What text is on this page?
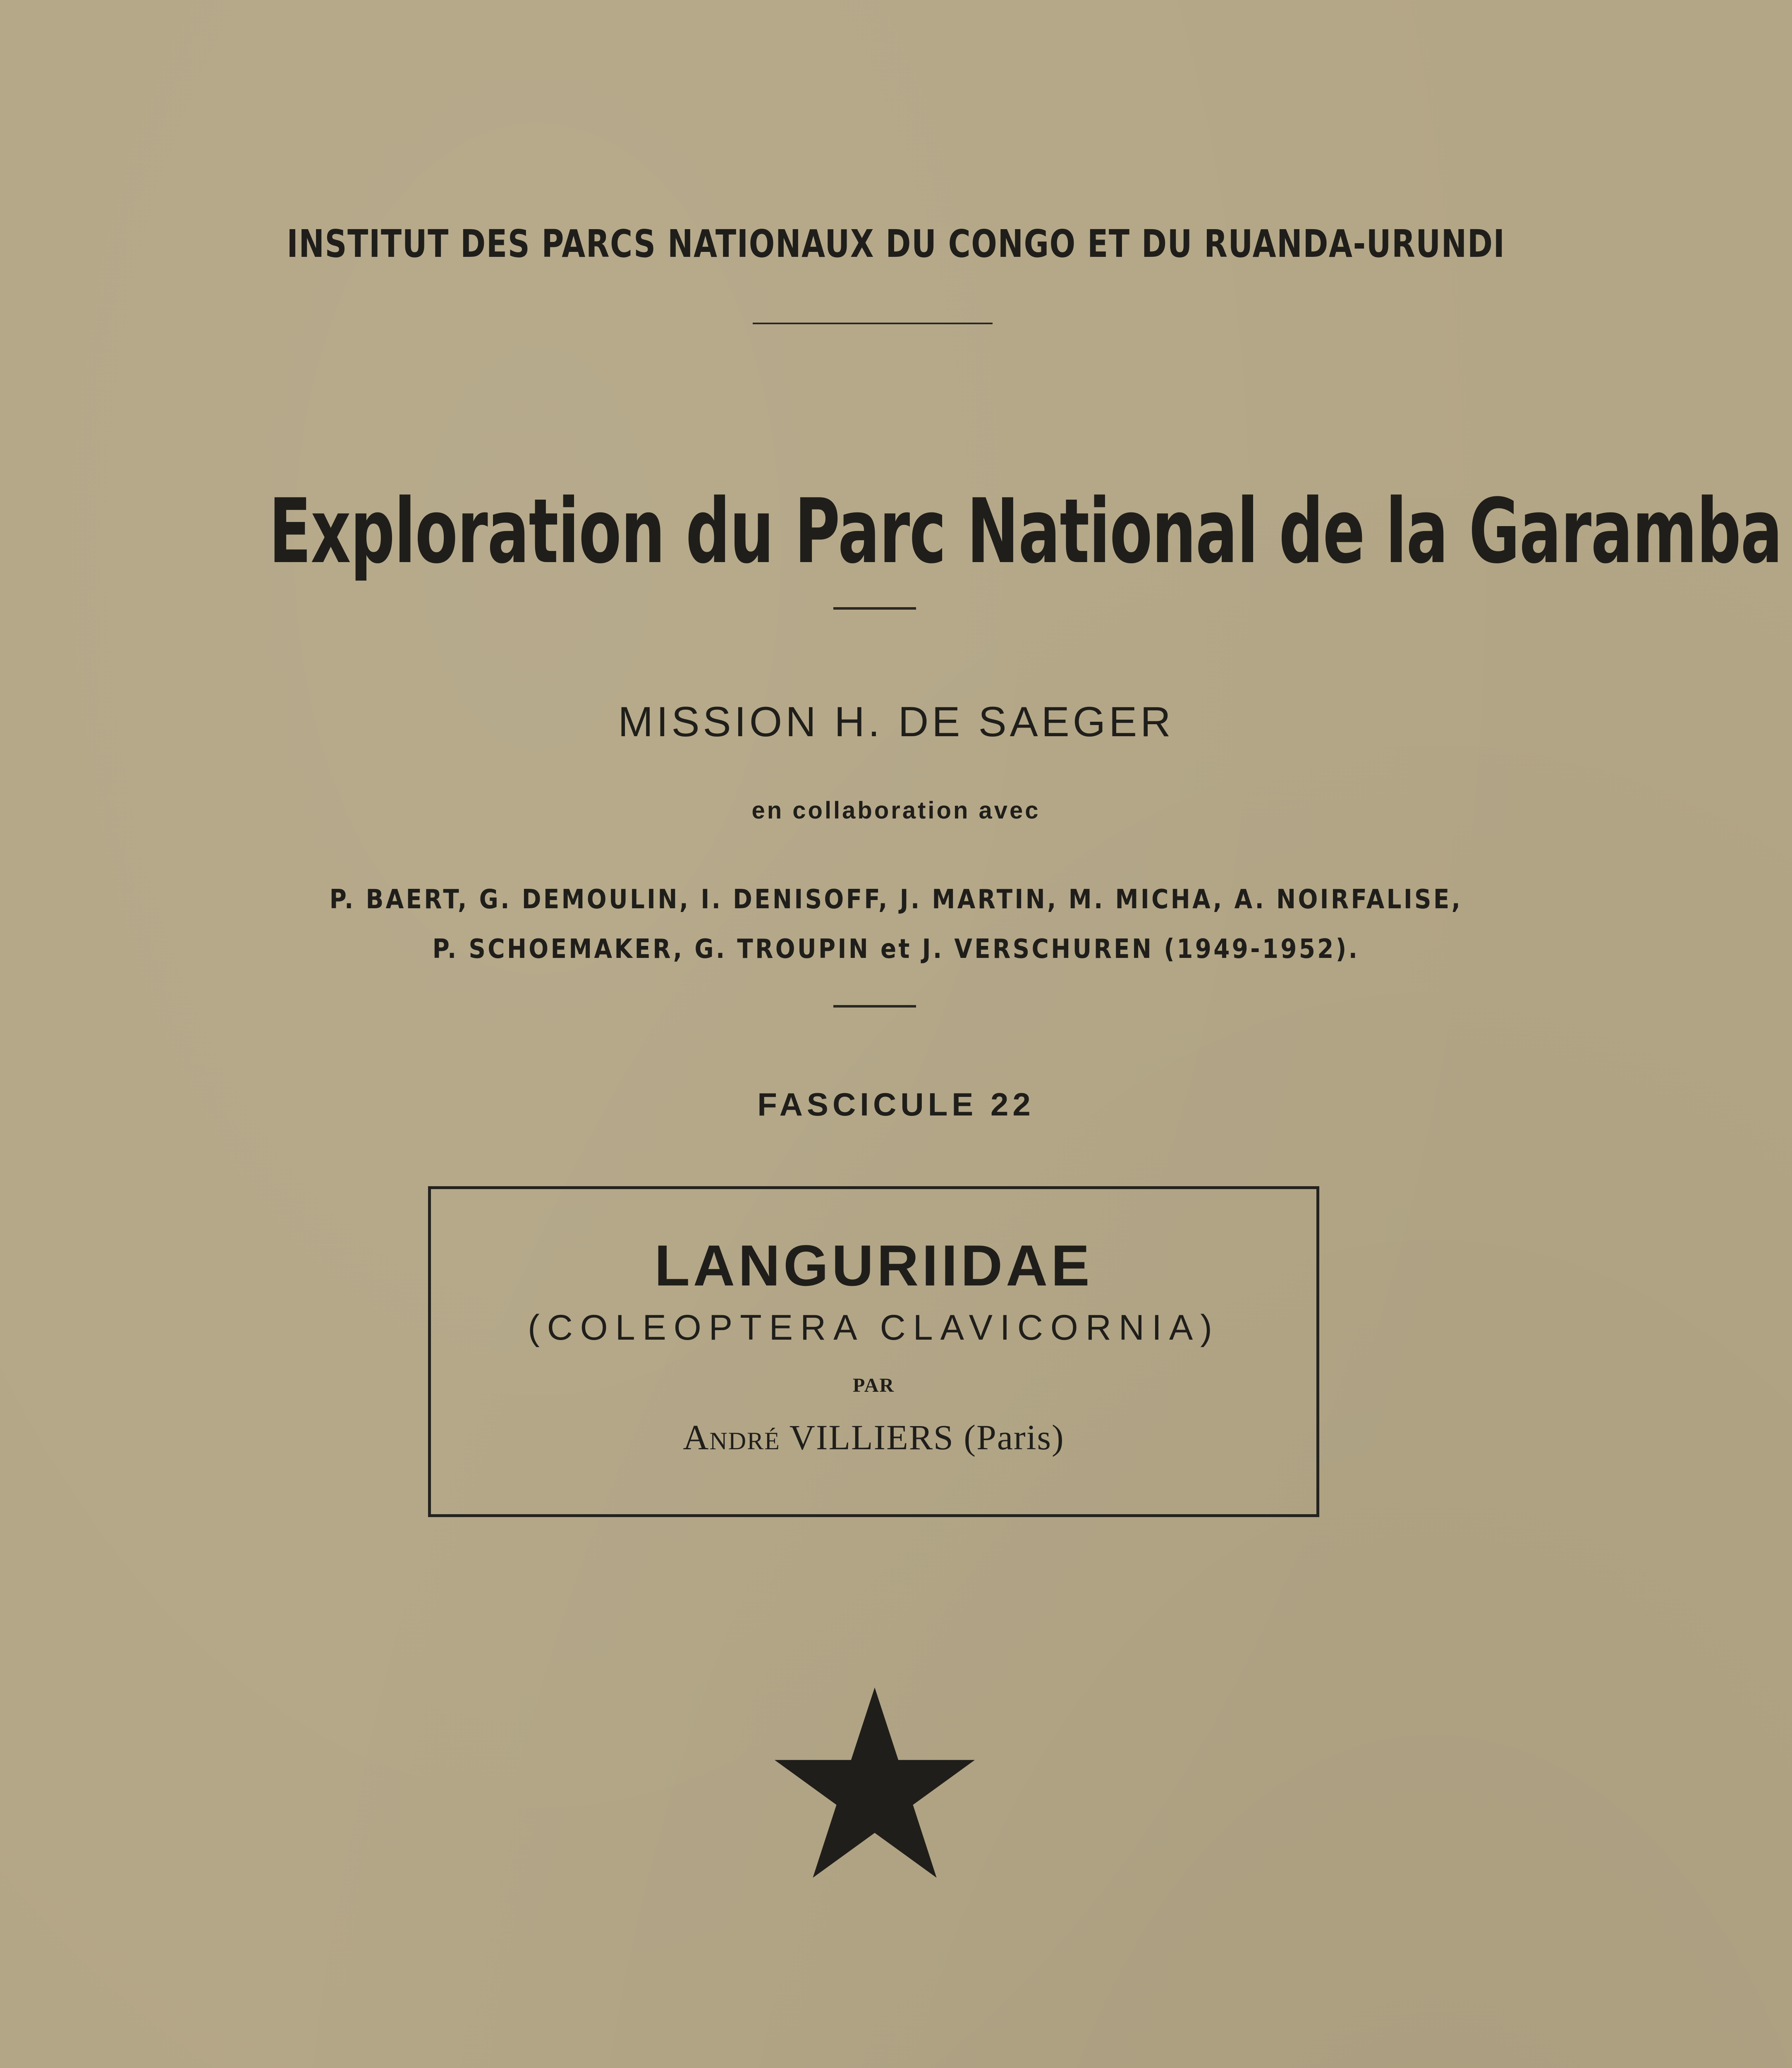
INSTITUT DES PARCS NATIONAUX DU CONGO ET DU RUANDA-URUNDI
Exploration du Parc National de la Garamba
MISSION H. DE SAEGER
en collaboration avec
P. BAERT, G. DEMOULIN, I. DENISOFF, J. MARTIN, M. MICHA, A. NOIRFALISE,
P. SCHOEMAKER, G. TROUPIN et J. VERSCHUREN (1949-1952).
FASCICULE 22
LANGURIIDAE
(COLEOPTERA CLAVICORNIA)
PAR
André VILLIERS (Paris)
